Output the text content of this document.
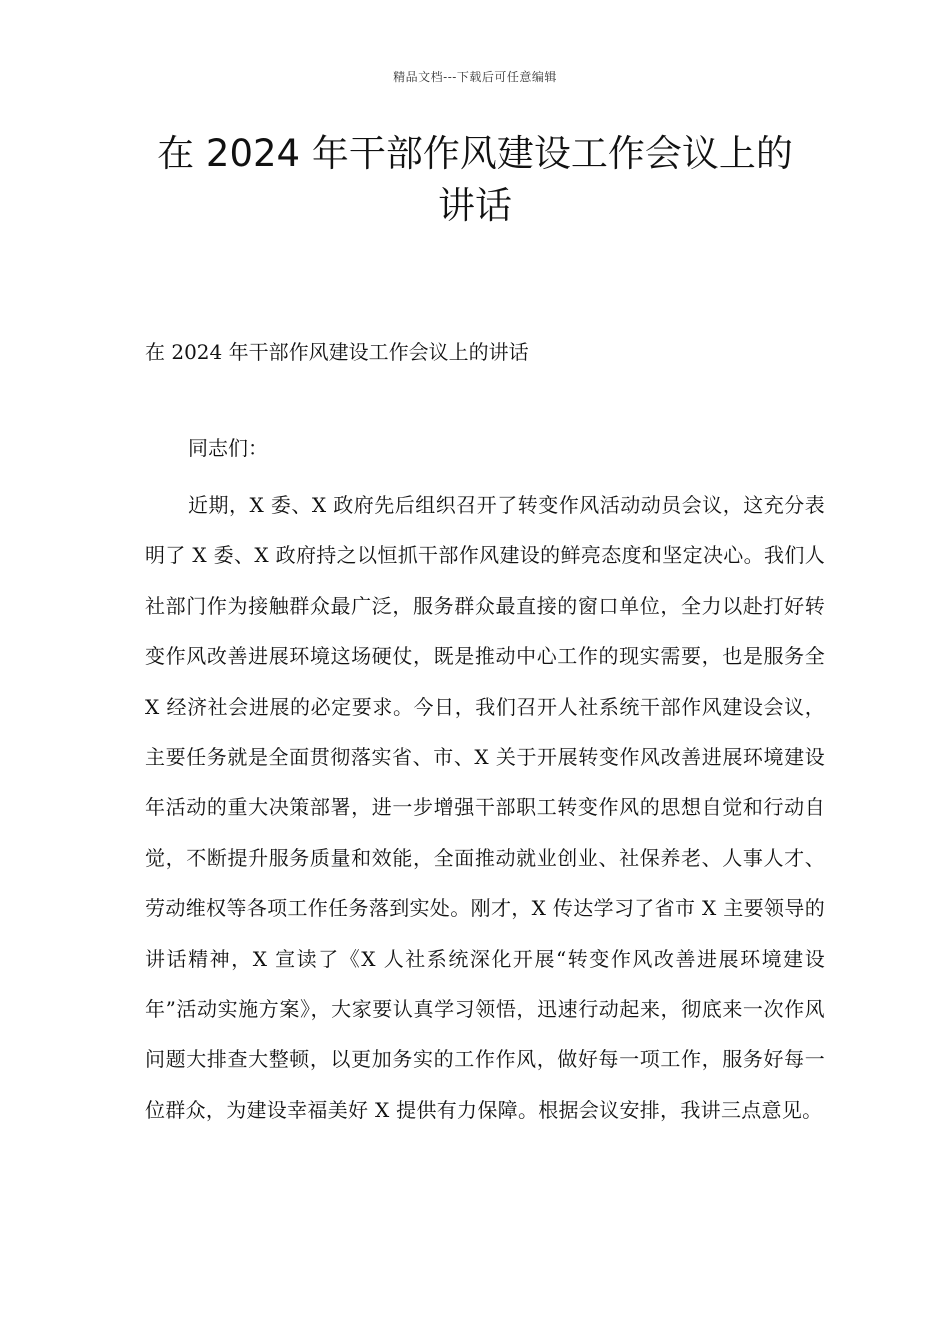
精品文档---下载后可任意编辑
在 2024 年干部作风建设工作会议上的讲话

在 2024 年干部作风建设工作会议上的讲话

同志们：

近期，X 委、X 政府先后组织召开了转变作风活动动员会议，这充分表明了 X 委、X 政府持之以恒抓干部作风建设的鲜亮态度和坚定决心。我们人社部门作为接触群众最广泛，服务群众最直接的窗口单位，全力以赴打好转变作风改善进展环境这场硬仗，既是推动中心工作的现实需要，也是服务全 X 经济社会进展的必定要求。今日，我们召开人社系统干部作风建设会议，主要任务就是全面贯彻落实省、市、X 关于开展转变作风改善进展环境建设年活动的重大决策部署，进一步增强干部职工转变作风的思想自觉和行动自觉，不断提升服务质量和效能，全面推动就业创业、社保养老、人事人才、劳动维权等各项工作任务落到实处。刚才，X 传达学习了省市 X 主要领导的讲话精神，X 宣读了《X 人社系统深化开展“转变作风改善进展环境建设年”活动实施方案》，大家要认真学习领悟，迅速行动起来，彻底来一次作风问题大排查大整顿，以更加务实的工作作风，做好每一项工作，服务好每一位群众，为建设幸福美好 X 提供有力保障。根据会议安排，我讲三点意见。
